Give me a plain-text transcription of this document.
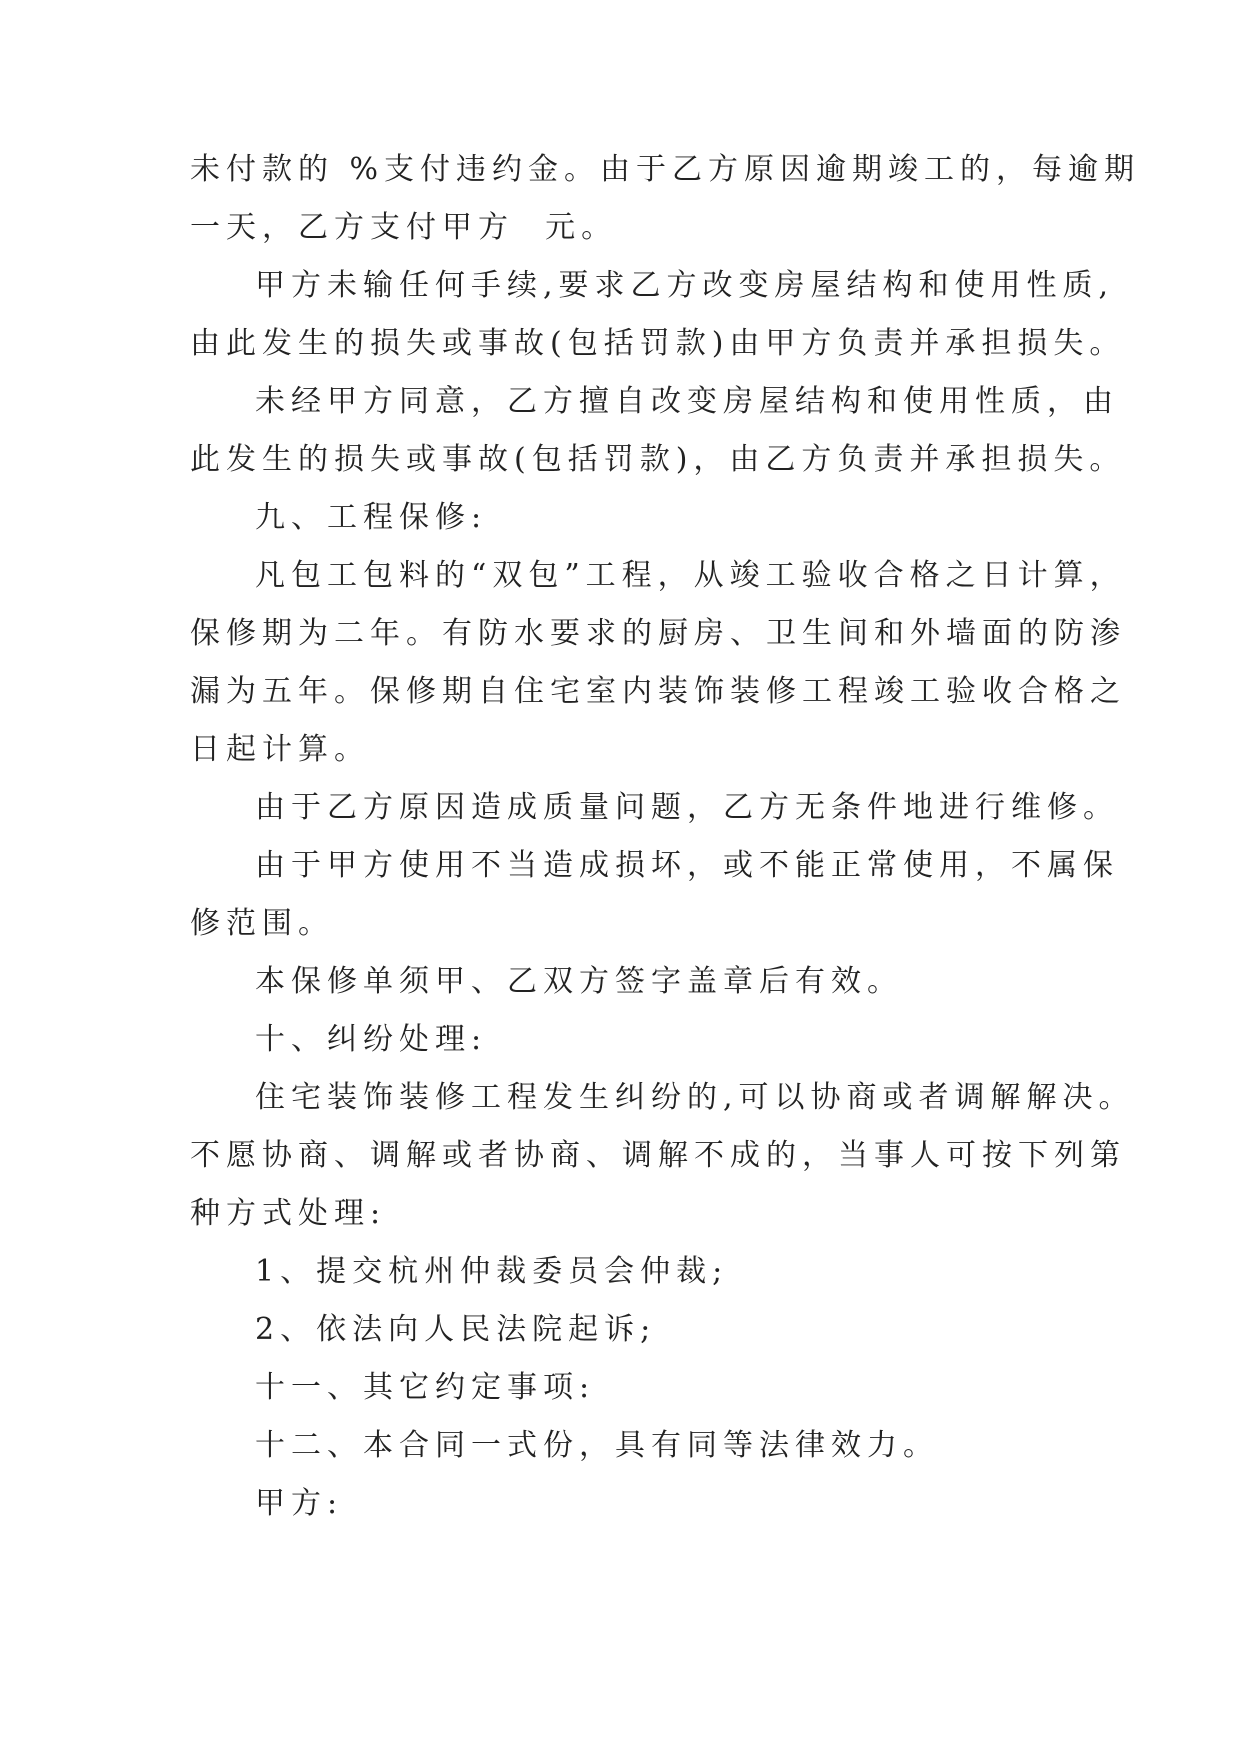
未付款的 %支付违约金。由于乙方原因逾期竣工的，每逾期
一天，乙方支付甲方  元。
甲方未输任何手续,要求乙方改变房屋结构和使用性质,
由此发生的损失或事故(包括罚款)由甲方负责并承担损失。
未经甲方同意，乙方擅自改变房屋结构和使用性质，由
此发生的损失或事故(包括罚款)，由乙方负责并承担损失。
九、工程保修:
凡包工包料的“双包”工程，从竣工验收合格之日计算，
保修期为二年。有防水要求的厨房、卫生间和外墙面的防渗
漏为五年。保修期自住宅室内装饰装修工程竣工验收合格之
日起计算。
由于乙方原因造成质量问题，乙方无条件地进行维修。
由于甲方使用不当造成损坏，或不能正常使用，不属保
修范围。
本保修单须甲、乙双方签字盖章后有效。
十、纠纷处理:
住宅装饰装修工程发生纠纷的,可以协商或者调解解决。
不愿协商、调解或者协商、调解不成的，当事人可按下列第
种方式处理:
1、提交杭州仲裁委员会仲裁;
2、依法向人民法院起诉;
十一、其它约定事项:
十二、本合同一式份，具有同等法律效力。
甲方:
